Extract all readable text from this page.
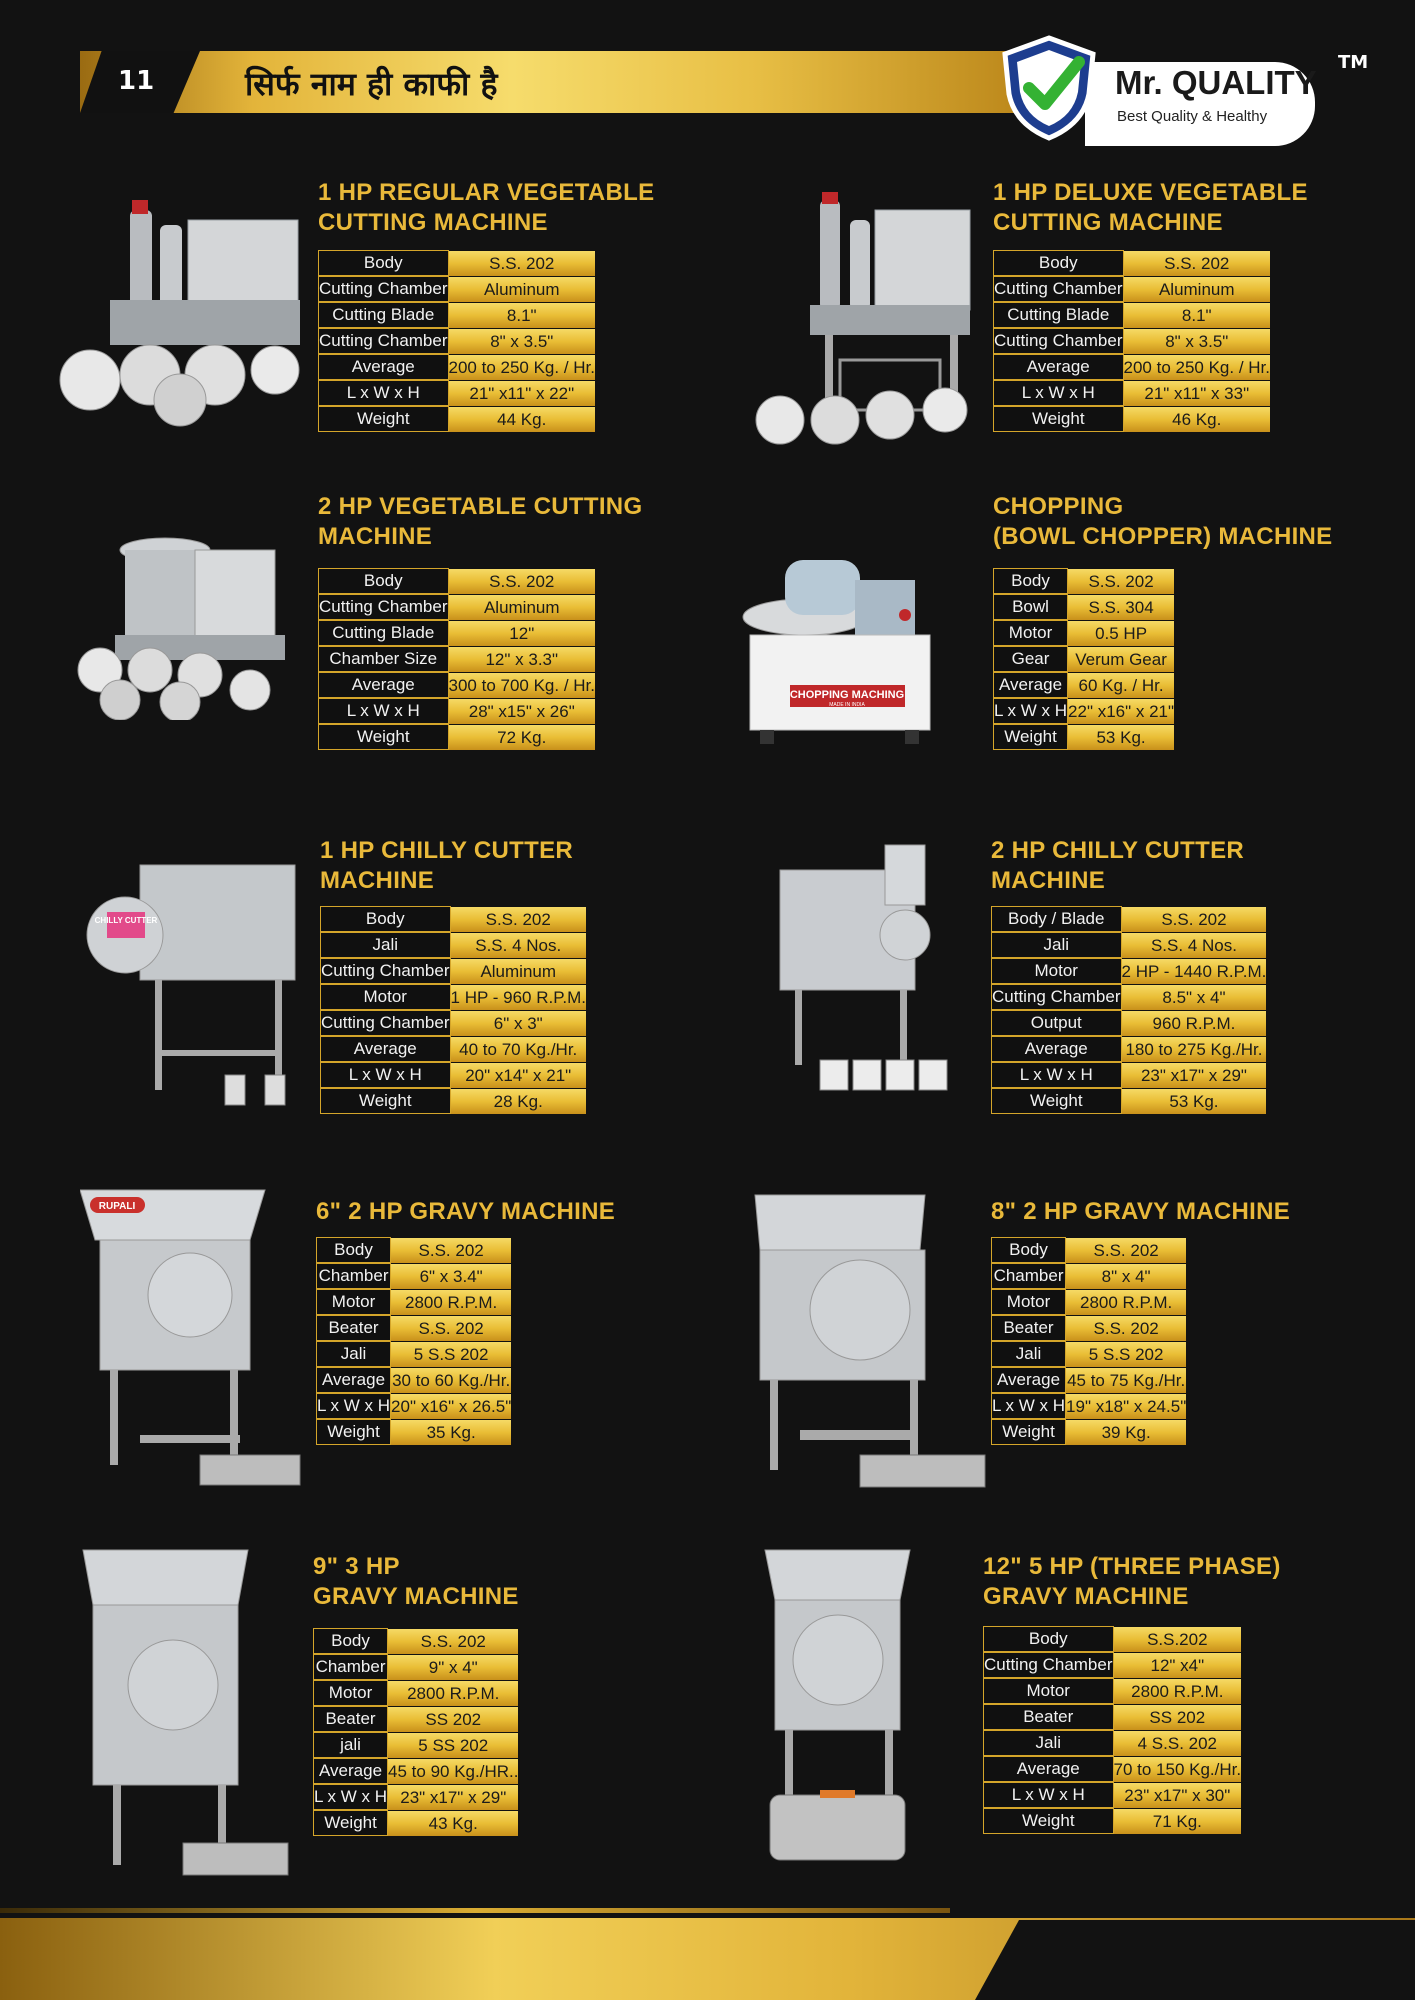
11	सिर्फ नाम ही काफी है	Mr. QUALITY
Best Quality & Healthy
TM
1 HP REGULAR VEGETABLE
CUTTING MACHINE
Body	S.S. 202
Cutting Chamber	Aluminum
Cutting Blade	8.1"
Cutting Chamber	8" x 3.5"
Average	200 to 250 Kg. / Hr.
L x W x H	21" x11" x 22"
Weight	44 Kg.
1 HP DELUXE VEGETABLE
CUTTING MACHINE
Body	S.S. 202
Cutting Chamber	Aluminum
Cutting Blade	8.1"
Cutting Chamber	8" x 3.5"
Average	200 to 250 Kg. / Hr.
L x W x H	21" x11" x 33"
Weight	46 Kg.
2 HP VEGETABLE CUTTING
MACHINE
Body	S.S. 202
Cutting Chamber	Aluminum
Cutting Blade	12"
Chamber Size	12" x 3.3"
Average	300 to 700 Kg. / Hr.
L x W x H	28" x15" x 26"
Weight	72 Kg.
CHOPPING MACHING
MADE IN INDIA
CHOPPING
(BOWL CHOPPER) MACHINE
Body	S.S. 202
Bowl	S.S. 304
Motor	0.5 HP
Gear	Verum Gear
Average	60 Kg. / Hr.
L x W x H	22" x16" x 21"
Weight	53 Kg.
CHILLY CUTTER
1 HP CHILLY CUTTER
MACHINE
Body	S.S. 202
Jali	S.S. 4 Nos.
Cutting Chamber	Aluminum
Motor	1 HP - 960 R.P.M.
Cutting Chamber	6" x 3"
Average	40 to 70 Kg./Hr.
L x W x H	20" x14" x 21"
Weight	28 Kg.
2 HP CHILLY CUTTER
MACHINE
Body / Blade	S.S. 202
Jali	S.S. 4 Nos.
Motor	2 HP - 1440 R.P.M.
Cutting Chamber	8.5" x 4"
Output	960 R.P.M.
Average	180 to 275 Kg./Hr.
L x W x H	23" x17" x 29"
Weight	53 Kg.
RUPALI	6" 2 HP GRAVY MACHINE
Body	S.S. 202
Chamber	6" x 3.4"
Motor	2800 R.P.M.
Beater	S.S. 202
Jali	5 S.S 202
Average	30 to 60 Kg./Hr.
L x W x H	20" x16" x 26.5"
Weight	35 Kg.
8" 2 HP GRAVY MACHINE
Body	S.S. 202
Chamber	8" x 4"
Motor	2800 R.P.M.
Beater	S.S. 202
Jali	5 S.S 202
Average	45 to 75 Kg./Hr.
L x W x H	19" x18" x 24.5"
Weight	39 Kg.
9" 3 HP
GRAVY MACHINE
Body	S.S. 202
Chamber	9" x 4"
Motor	2800 R.P.M.
Beater	SS 202
jali	5 SS 202
Average	45 to 90 Kg./HR..
L x W x H	23" x17" x 29"
Weight	43 Kg.
12" 5 HP (THREE PHASE)
GRAVY MACHINE
Body	S.S.202
Cutting Chamber	12" x4"
Motor	2800 R.P.M.
Beater	SS 202
Jali	4 S.S. 202
Average	70 to 150 Kg./Hr.
L x W x H	23" x17" x 30"
Weight	71 Kg.
